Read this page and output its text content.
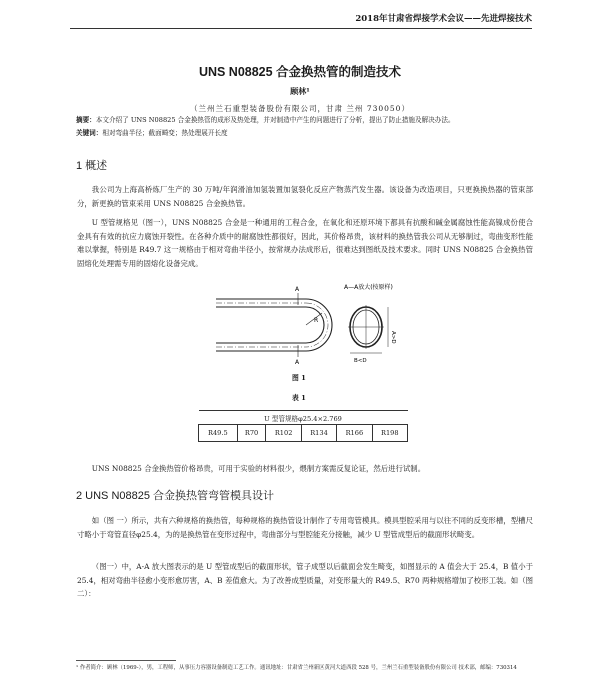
2018年甘肃省焊接学术会议——先进焊接技术
UNS N08825 合金换热管的制造技术
顾林¹
（兰州兰石重型装备股份有限公司，甘肃 兰州 730050）
摘要：本文介绍了 UNS N08825 合金换热管的成形及热处理，并对制造中产生的问题进行了分析，提出了防止措施及解决办法。
关键词：相对弯曲半径；截面畸变；热处理展开长度
1 概述
我公司为上海高桥炼厂生产的 30 万吨/年润滑油加氢装置加氢裂化反应产物蒸汽发生器。该设备为改造项目，只更换换热器的管束部分，新更换的管束采用 UNS N08825 合金换热管。
U 型管规格见（图一），UNS N08825 合金是一种通用的工程合金，在氧化和还原环境下都具有抗酸和碱金属腐蚀性能高镍成份使合金具有有效的抗应力腐蚀开裂性。在各种介质中的耐腐蚀性都很好，因此，其价格昂贵，该材料的换热管我公司从无够制过，弯曲变形性能难以掌握，特别是 R49.7 这一规格由于相对弯曲半径小，按常规办法成形后，很难达到图纸及技术要求。同时 UNS N08825 合金换热管固熔化处理需专用的固熔化设备完成。
A—A放大(按原样)
A
A
R
B<D
A>D
图 1
表 1
U 型管规格φ25.4×2.769
R49.5	R70	R102	R134	R166	R198
UNS N08825 合金换热管价格昂贵，可用于实验的材料很少，煨制方案需反复论证，然后进行试制。
2 UNS N08825 合金换热管弯管模具设计
如（图 一）所示，共有六种规格的换热管，每种规格的换热管设计制作了专用弯管模具。模具型腔采用与以往不同的反变形槽，型槽尺寸略小于弯管直径φ25.4，为的是换热管在变形过程中，弯曲部分与型腔能充分接触，减少 U 型管成型后的截面形状畸变。
（图一）中，A-A 放大图表示的是 U 型管成型后的截面形状，管子成型以后截面会发生畸变，如图显示的 A 值会大于 25.4，B 值小于 25.4，相对弯曲半径愈小变形愈厉害，A、B 差值愈大。为了改善成型质量，对变形量大的 R49.5、R70 两种规格增加了校形工装。如（图二）：
¹ 作者简介：顾林（1969-），男，工程师，从事压力容器设备制造工艺工作。通讯地址：甘肃省兰州新区黄河大道西段 528 号，兰州兰石重型装备股份有限公司 技术部，邮编：730314
